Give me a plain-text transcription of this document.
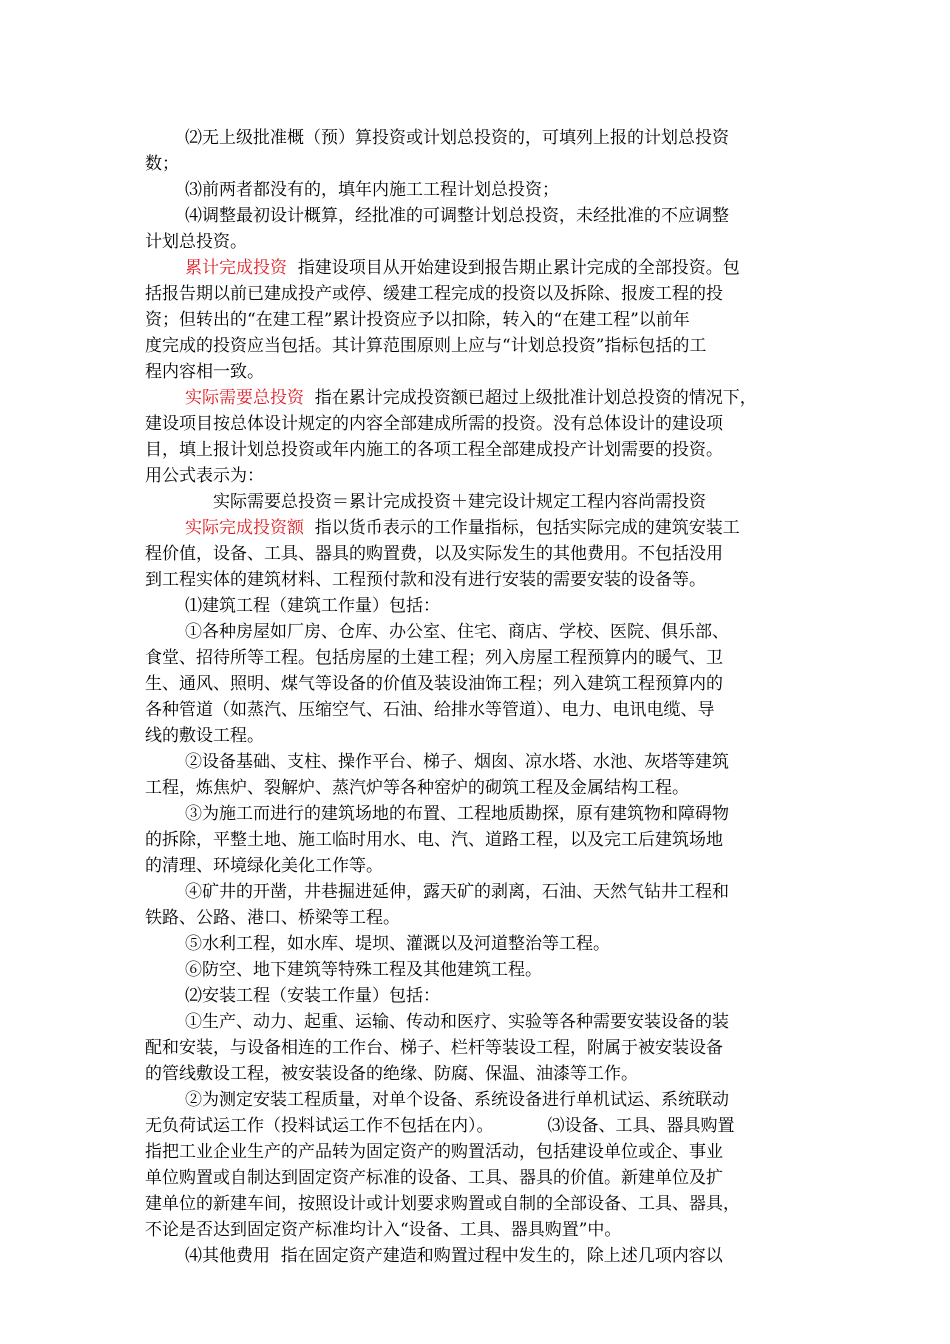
⑵无上级批准概（预）算投资或计划总投资的，可填列上报的计划总投资
数；
⑶前两者都没有的，填年内施工工程计划总投资；
⑷调整最初设计概算，经批准的可调整计划总投资，未经批准的不应调整
计划总投资。
累计完成投资  指建设项目从开始建设到报告期止累计完成的全部投资。包
括报告期以前已建成投产或停、缓建工程完成的投资以及拆除、报废工程的投
资；但转出的“在建工程”累计投资应予以扣除，转入的“在建工程”以前年
度完成的投资应当包括。其计算范围原则上应与“计划总投资”指标包括的工
程内容相一致。
实际需要总投资  指在累计完成投资额已超过上级批准计划总投资的情况下，
建设项目按总体设计规定的内容全部建成所需的投资。没有总体设计的建设项
目，填上报计划总投资或年内施工的各项工程全部建成投产计划需要的投资。
用公式表示为：
实际需要总投资＝累计完成投资＋建完设计规定工程内容尚需投资
实际完成投资额  指以货币表示的工作量指标，包括实际完成的建筑安装工
程价值，设备、工具、器具的购置费，以及实际发生的其他费用。不包括没用
到工程实体的建筑材料、工程预付款和没有进行安装的需要安装的设备等。
⑴建筑工程（建筑工作量）包括：
①各种房屋如厂房、仓库、办公室、住宅、商店、学校、医院、俱乐部、
食堂、招待所等工程。包括房屋的土建工程；列入房屋工程预算内的暖气、卫
生、通风、照明、煤气等设备的价值及装设油饰工程；列入建筑工程预算内的
各种管道（如蒸汽、压缩空气、石油、给排水等管道）、电力、电讯电缆、导
线的敷设工程。
②设备基础、支柱、操作平台、梯子、烟囱、凉水塔、水池、灰塔等建筑
工程，炼焦炉、裂解炉、蒸汽炉等各种窑炉的砌筑工程及金属结构工程。
③为施工而进行的建筑场地的布置、工程地质勘探，原有建筑物和障碍物
的拆除，平整土地、施工临时用水、电、汽、道路工程，以及完工后建筑场地
的清理、环境绿化美化工作等。
④矿井的开凿，井巷掘进延伸，露天矿的剥离，石油、天然气钻井工程和
铁路、公路、港口、桥梁等工程。
⑤水利工程，如水库、堤坝、灌溉以及河道整治等工程。
⑥防空、地下建筑等特殊工程及其他建筑工程。
⑵安装工程（安装工作量）包括：
①生产、动力、起重、运输、传动和医疗、实验等各种需要安装设备的装
配和安装，与设备相连的工作台、梯子、栏杆等装设工程，附属于被安装设备
的管线敷设工程，被安装设备的绝缘、防腐、保温、油漆等工作。
②为测定安装工程质量，对单个设备、系统设备进行单机试运、系统联动
无负荷试运工作（投料试运工作不包括在内）。          ⑶设备、工具、器具购置
指把工业企业生产的产品转为固定资产的购置活动，包括建设单位或企、事业
单位购置或自制达到固定资产标准的设备、工具、器具的价值。新建单位及扩
建单位的新建车间，按照设计或计划要求购置或自制的全部设备、工具、器具，
不论是否达到固定资产标准均计入“设备、工具、器具购置”中。
⑷其他费用  指在固定资产建造和购置过程中发生的，除上述几项内容以
